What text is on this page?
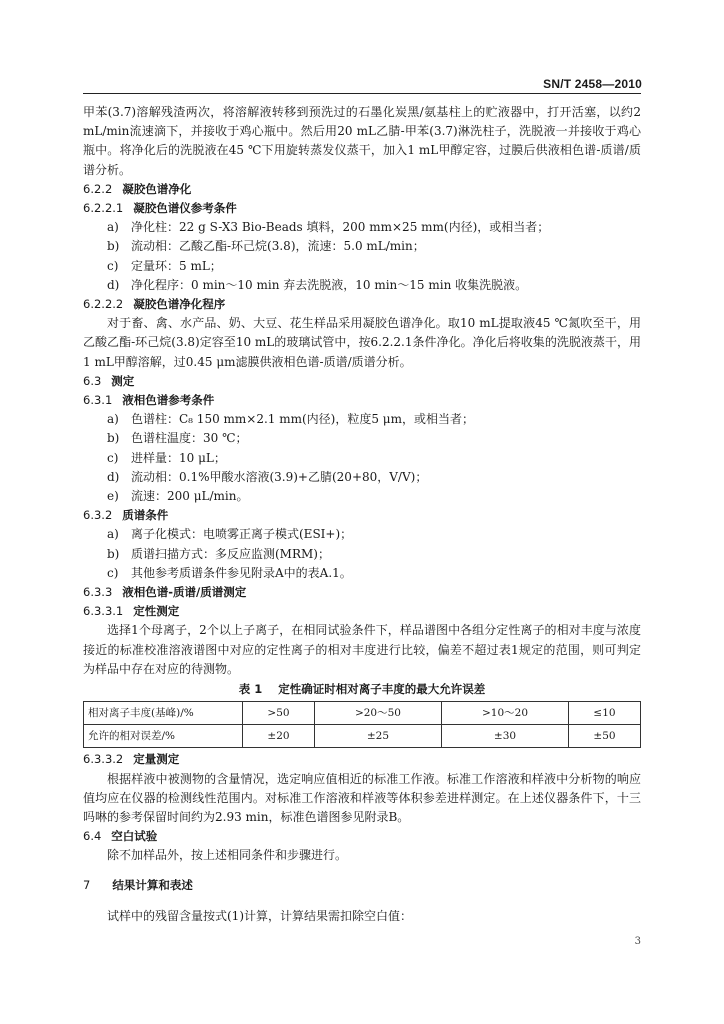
SN/T 2458—2010

甲苯(3.7)溶解残渣两次，将溶解液转移到预洗过的石墨化炭黑/氨基柱上的贮液器中，打开活塞，以约2 mL/min流速滴下，并接收于鸡心瓶中。然后用20 mL乙腈-甲苯(3.7)淋洗柱子，洗脱液一并接收于鸡心瓶中。将净化后的洗脱液在45 ℃下用旋转蒸发仪蒸干，加入1 mL甲醇定容，过膜后供液相色谱-质谱/质谱分析。

6.2.2 凝胶色谱净化

6.2.2.1 凝胶色谱仪参考条件

a) 净化柱：22 g S-X3 Bio-Beads 填料，200 mm×25 mm(内径)，或相当者；

b) 流动相：乙酸乙酯-环己烷(3.8)，流速：5.0 mL/min；

c) 定量环：5 mL；

d) 净化程序：0 min～10 min 弃去洗脱液，10 min～15 min 收集洗脱液。

6.2.2.2 凝胶色谱净化程序

对于畜、禽、水产品、奶、大豆、花生样品采用凝胶色谱净化。取10 mL提取液45 ℃氮吹至干，用乙酸乙酯-环己烷(3.8)定容至10 mL的玻璃试管中，按6.2.2.1条件净化。净化后将收集的洗脱液蒸干，用1 mL甲醇溶解，过0.45 μm滤膜供液相色谱-质谱/质谱分析。

6.3 测定

6.3.1 液相色谱参考条件

a) 色谱柱：C₈ 150 mm×2.1 mm(内径)，粒度5 μm，或相当者；

b) 色谱柱温度：30 ℃；

c) 进样量：10 μL；

d) 流动相：0.1%甲酸水溶液(3.9)+乙腈(20+80，V/V)；

e) 流速：200 μL/min。

6.3.2 质谱条件

a) 离子化模式：电喷雾正离子模式(ESI+)；

b) 质谱扫描方式：多反应监测(MRM)；

c) 其他参考质谱条件参见附录A中的表A.1。

6.3.3 液相色谱-质谱/质谱测定

6.3.3.1 定性测定

选择1个母离子，2个以上子离子，在相同试验条件下，样品谱图中各组分定性离子的相对丰度与浓度接近的标准校准溶液谱图中对应的定性离子的相对丰度进行比较，偏差不超过表1规定的范围，则可判定为样品中存在对应的待测物。

表 1 定性确证时相对离子丰度的最大允许误差

相对离子丰度(基峰)/%	>50	>20～50	>10～20	≤10
允许的相对误差/%	±20	±25	±30	±50

6.3.3.2 定量测定

根据样液中被测物的含量情况，选定响应值相近的标准工作液。标准工作溶液和样液中分析物的响应值均应在仪器的检测线性范围内。对标准工作溶液和样液等体积参差进样测定。在上述仪器条件下，十三吗啉的参考保留时间约为2.93 min，标准色谱图参见附录B。

6.4 空白试验

除不加样品外，按上述相同条件和步骤进行。

7 结果计算和表述

试样中的残留含量按式(1)计算，计算结果需扣除空白值：

3
